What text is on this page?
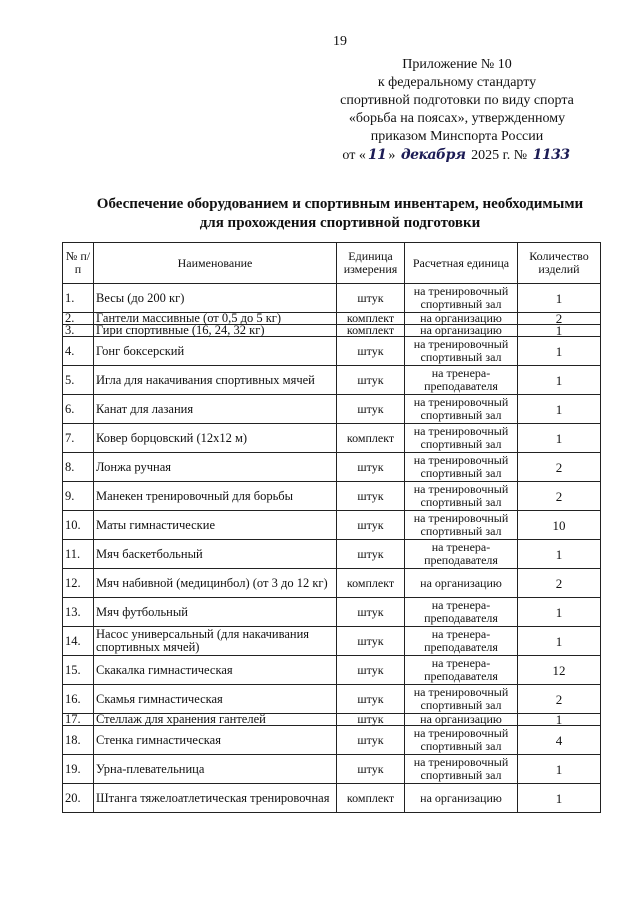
19
Приложение № 10
к федеральному стандарту
спортивной подготовки по виду спорта
«борьба на поясах», утвержденному
приказом Минспорта России
от « 11 » декабря 2025 г. № 1133
Обеспечение оборудованием и спортивным инвентарем, необходимыми
для прохождения спортивной подготовки
№ п/п	Наименование	Единица измерения	Расчетная единица	Количество изделий
1.	Весы (до 200 кг)	штук	на тренировочный спортивный зал	1
2.	Гантели массивные (от 0,5 до 5 кг)	комплект	на организацию	2
3.	Гири спортивные (16, 24, 32 кг)	комплект	на организацию	1
4.	Гонг боксерский	штук	на тренировочный спортивный зал	1
5.	Игла для накачивания спортивных мячей	штук	на тренера-преподавателя	1
6.	Канат для лазания	штук	на тренировочный спортивный зал	1
7.	Ковер борцовский (12х12 м)	комплект	на тренировочный спортивный зал	1
8.	Лонжа ручная	штук	на тренировочный спортивный зал	2
9.	Манекен тренировочный для борьбы	штук	на тренировочный спортивный зал	2
10.	Маты гимнастические	штук	на тренировочный спортивный зал	10
11.	Мяч баскетбольный	штук	на тренера-преподавателя	1
12.	Мяч набивной (медицинбол) (от 3 до 12 кг)	комплект	на организацию	2
13.	Мяч футбольный	штук	на тренера-преподавателя	1
14.	Насос универсальный (для накачивания спортивных мячей)	штук	на тренера-преподавателя	1
15.	Скакалка гимнастическая	штук	на тренера-преподавателя	12
16.	Скамья гимнастическая	штук	на тренировочный спортивный зал	2
17.	Стеллаж для хранения гантелей	штук	на организацию	1
18.	Стенка гимнастическая	штук	на тренировочный спортивный зал	4
19.	Урна-плевательница	штук	на тренировочный спортивный зал	1
20.	Штанга тяжелоатлетическая тренировочная	комплект	на организацию	1
